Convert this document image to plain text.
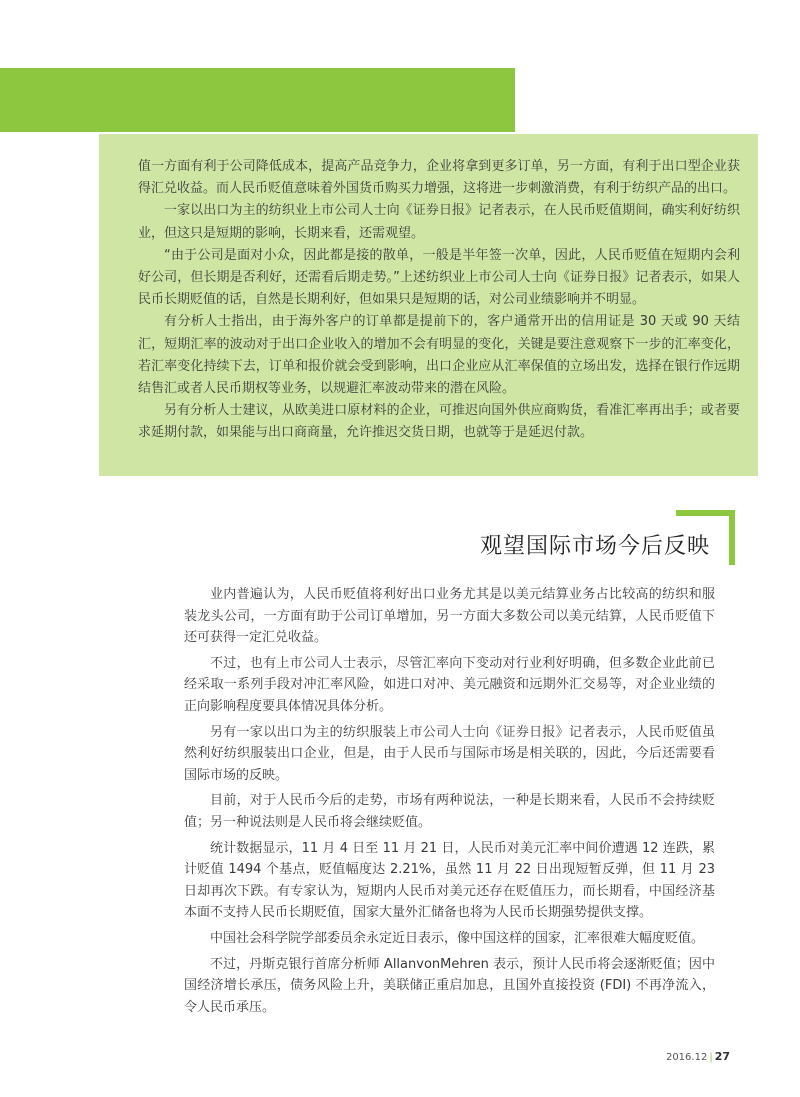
值一方面有利于公司降低成本，提高产品竞争力，企业将拿到更多订单，另一方面，有利于出口型企业获得汇兑收益。而人民币贬值意味着外国货币购买力增强，这将进一步刺激消费，有利于纺织产品的出口。

一家以出口为主的纺织业上市公司人士向《证券日报》记者表示，在人民币贬值期间，确实利好纺织业，但这只是短期的影响，长期来看，还需观望。

“由于公司是面对小众，因此都是接的散单，一般是半年签一次单，因此，人民币贬值在短期内会利好公司，但长期是否利好，还需看后期走势。”上述纺织业上市公司人士向《证券日报》记者表示，如果人民币长期贬值的话，自然是长期利好，但如果只是短期的话，对公司业绩影响并不明显。

有分析人士指出，由于海外客户的订单都是提前下的，客户通常开出的信用证是 30 天或 90 天结汇，短期汇率的波动对于出口企业收入的增加不会有明显的变化，关键是要注意观察下一步的汇率变化，若汇率变化持续下去，订单和报价就会受到影响，出口企业应从汇率保值的立场出发，选择在银行作远期结售汇或者人民币期权等业务，以规避汇率波动带来的潜在风险。

另有分析人士建议，从欧美进口原材料的企业，可推迟向国外供应商购货，看准汇率再出手；或者要求延期付款，如果能与出口商商量，允许推迟交货日期，也就等于是延迟付款。

观望国际市场今后反映

业内普遍认为，人民币贬值将利好出口业务尤其是以美元结算业务占比较高的纺织和服装龙头公司，一方面有助于公司订单增加，另一方面大多数公司以美元结算，人民币贬值下还可获得一定汇兑收益。

不过，也有上市公司人士表示，尽管汇率向下变动对行业利好明确，但多数企业此前已经采取一系列手段对冲汇率风险，如进口对冲、美元融资和远期外汇交易等，对企业业绩的正向影响程度要具体情况具体分析。

另有一家以出口为主的纺织服装上市公司人士向《证券日报》记者表示，人民币贬值虽然利好纺织服装出口企业，但是，由于人民币与国际市场是相关联的，因此，今后还需要看国际市场的反映。

目前，对于人民币今后的走势，市场有两种说法，一种是长期来看，人民币不会持续贬值；另一种说法则是人民币将会继续贬值。

统计数据显示，11 月 4 日至 11 月 21 日，人民币对美元汇率中间价遭遇 12 连跌，累计贬值 1494 个基点，贬值幅度达 2.21%，虽然 11 月 22 日出现短暂反弹，但 11 月 23 日却再次下跌。有专家认为，短期内人民币对美元还存在贬值压力，而长期看，中国经济基本面不支持人民币长期贬值，国家大量外汇储备也将为人民币长期强势提供支撑。

中国社会科学院学部委员余永定近日表示，像中国这样的国家，汇率很难大幅度贬值。

不过，丹斯克银行首席分析师 AllanvonMehren 表示，预计人民币将会逐渐贬值；因中国经济增长承压，债务风险上升，美联储正重启加息，且国外直接投资 (FDI) 不再净流入，令人民币承压。

2016.12 | 27
